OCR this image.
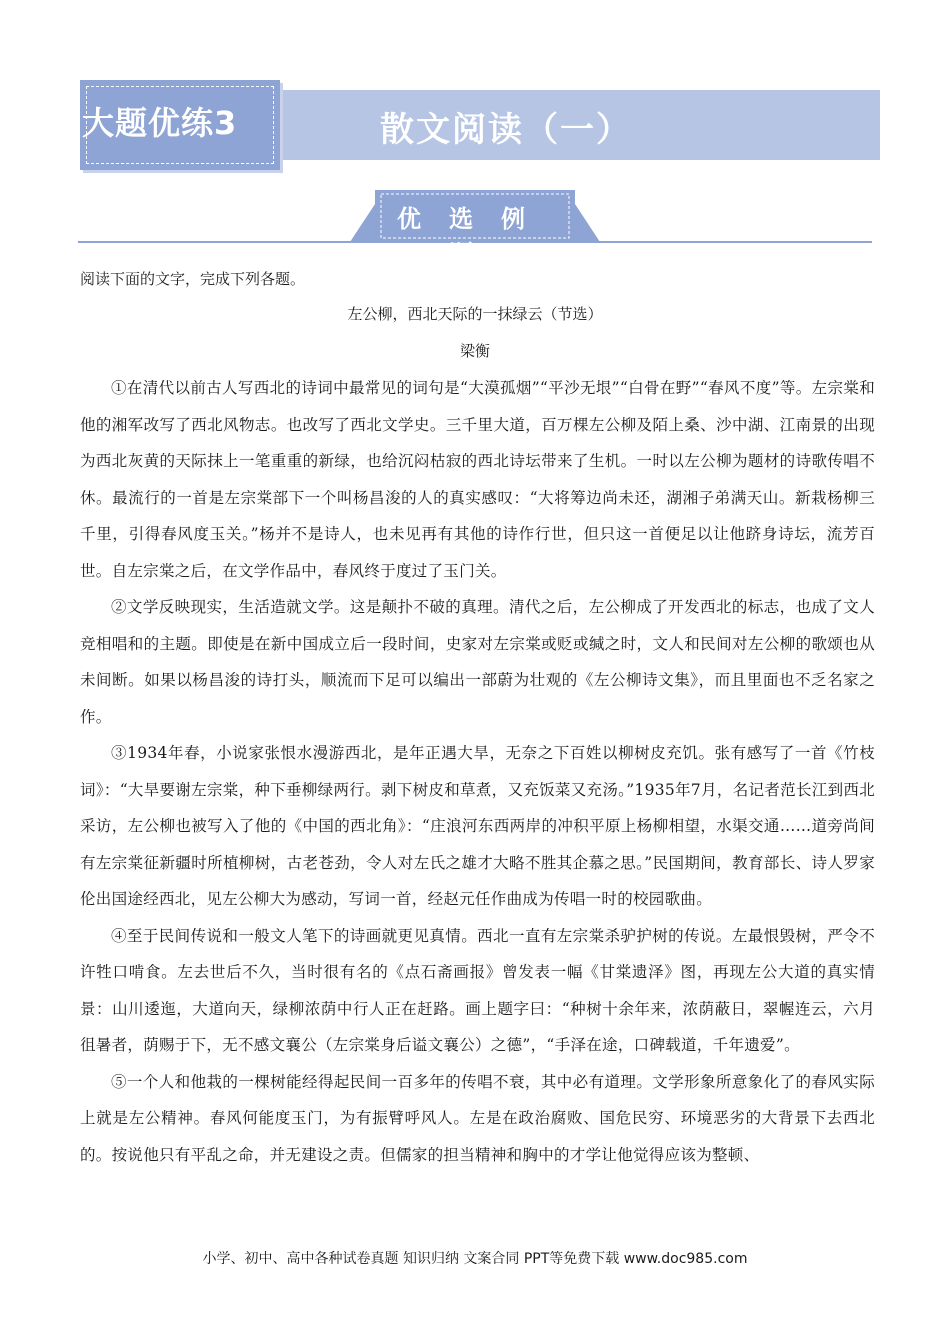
大题优练3	散文阅读（一）
优选例题
阅读下面的文字，完成下列各题。
左公柳，西北天际的一抹绿云（节选）
梁衡

①在清代以前古人写西北的诗词中最常见的词句是“大漠孤烟”“平沙无垠”“白骨在野”“春风不度”等。左宗棠和他的湘军改写了西北风物志。也改写了西北文学史。三千里大道，百万棵左公柳及陌上桑、沙中湖、江南景的出现为西北灰黄的天际抹上一笔重重的新绿，也给沉闷枯寂的西北诗坛带来了生机。一时以左公柳为题材的诗歌传唱不休。最流行的一首是左宗棠部下一个叫杨昌浚的人的真实感叹：“大将筹边尚未还，湖湘子弟满天山。新栽杨柳三千里，引得春风度玉关。”杨并不是诗人，也未见再有其他的诗作行世，但只这一首便足以让他跻身诗坛，流芳百世。自左宗棠之后，在文学作品中，春风终于度过了玉门关。

②文学反映现实，生活造就文学。这是颠扑不破的真理。清代之后，左公柳成了开发西北的标志，也成了文人竞相唱和的主题。即使是在新中国成立后一段时间，史家对左宗棠或贬或缄之时，文人和民间对左公柳的歌颂也从未间断。如果以杨昌浚的诗打头，顺流而下足可以编出一部蔚为壮观的《左公柳诗文集》，而且里面也不乏名家之作。

③1934年春，小说家张恨水漫游西北，是年正遇大旱，无奈之下百姓以柳树皮充饥。张有感写了一首《竹枝词》：“大旱要谢左宗棠，种下垂柳绿两行。剥下树皮和草煮，又充饭菜又充汤。”1935年7月，名记者范长江到西北采访，左公柳也被写入了他的《中国的西北角》：“庄浪河东西两岸的冲积平原上杨柳相望，水渠交通……道旁尚间有左宗棠征新疆时所植柳树，古老苍劲，令人对左氏之雄才大略不胜其企慕之思。”民国期间，教育部长、诗人罗家伦出国途经西北，见左公柳大为感动，写词一首，经赵元任作曲成为传唱一时的校园歌曲。

④至于民间传说和一般文人笔下的诗画就更见真情。西北一直有左宗棠杀驴护树的传说。左最恨毁树，严令不许牲口啃食。左去世后不久，当时很有名的《点石斋画报》曾发表一幅《甘棠遗泽》图，再现左公大道的真实情景：山川逶迤，大道向天，绿柳浓荫中行人正在赶路。画上题字曰：“种树十余年来，浓荫蔽日，翠幄连云，六月徂暑者，荫赐于下，无不感文襄公（左宗棠身后谥文襄公）之德”，“手泽在途，口碑载道，千年遗爱”。

⑤一个人和他栽的一棵树能经得起民间一百多年的传唱不衰，其中必有道理。文学形象所意象化了的春风实际上就是左公精神。春风何能度玉门，为有振臂呼风人。左是在政治腐败、国危民穷、环境恶劣的大背景下去西北的。按说他只有平乱之命，并无建设之责。但儒家的担当精神和胸中的才学让他觉得应该为整顿、

小学、初中、高中各种试卷真题 知识归纳 文案合同 PPT等免费下载 www.doc985.com
